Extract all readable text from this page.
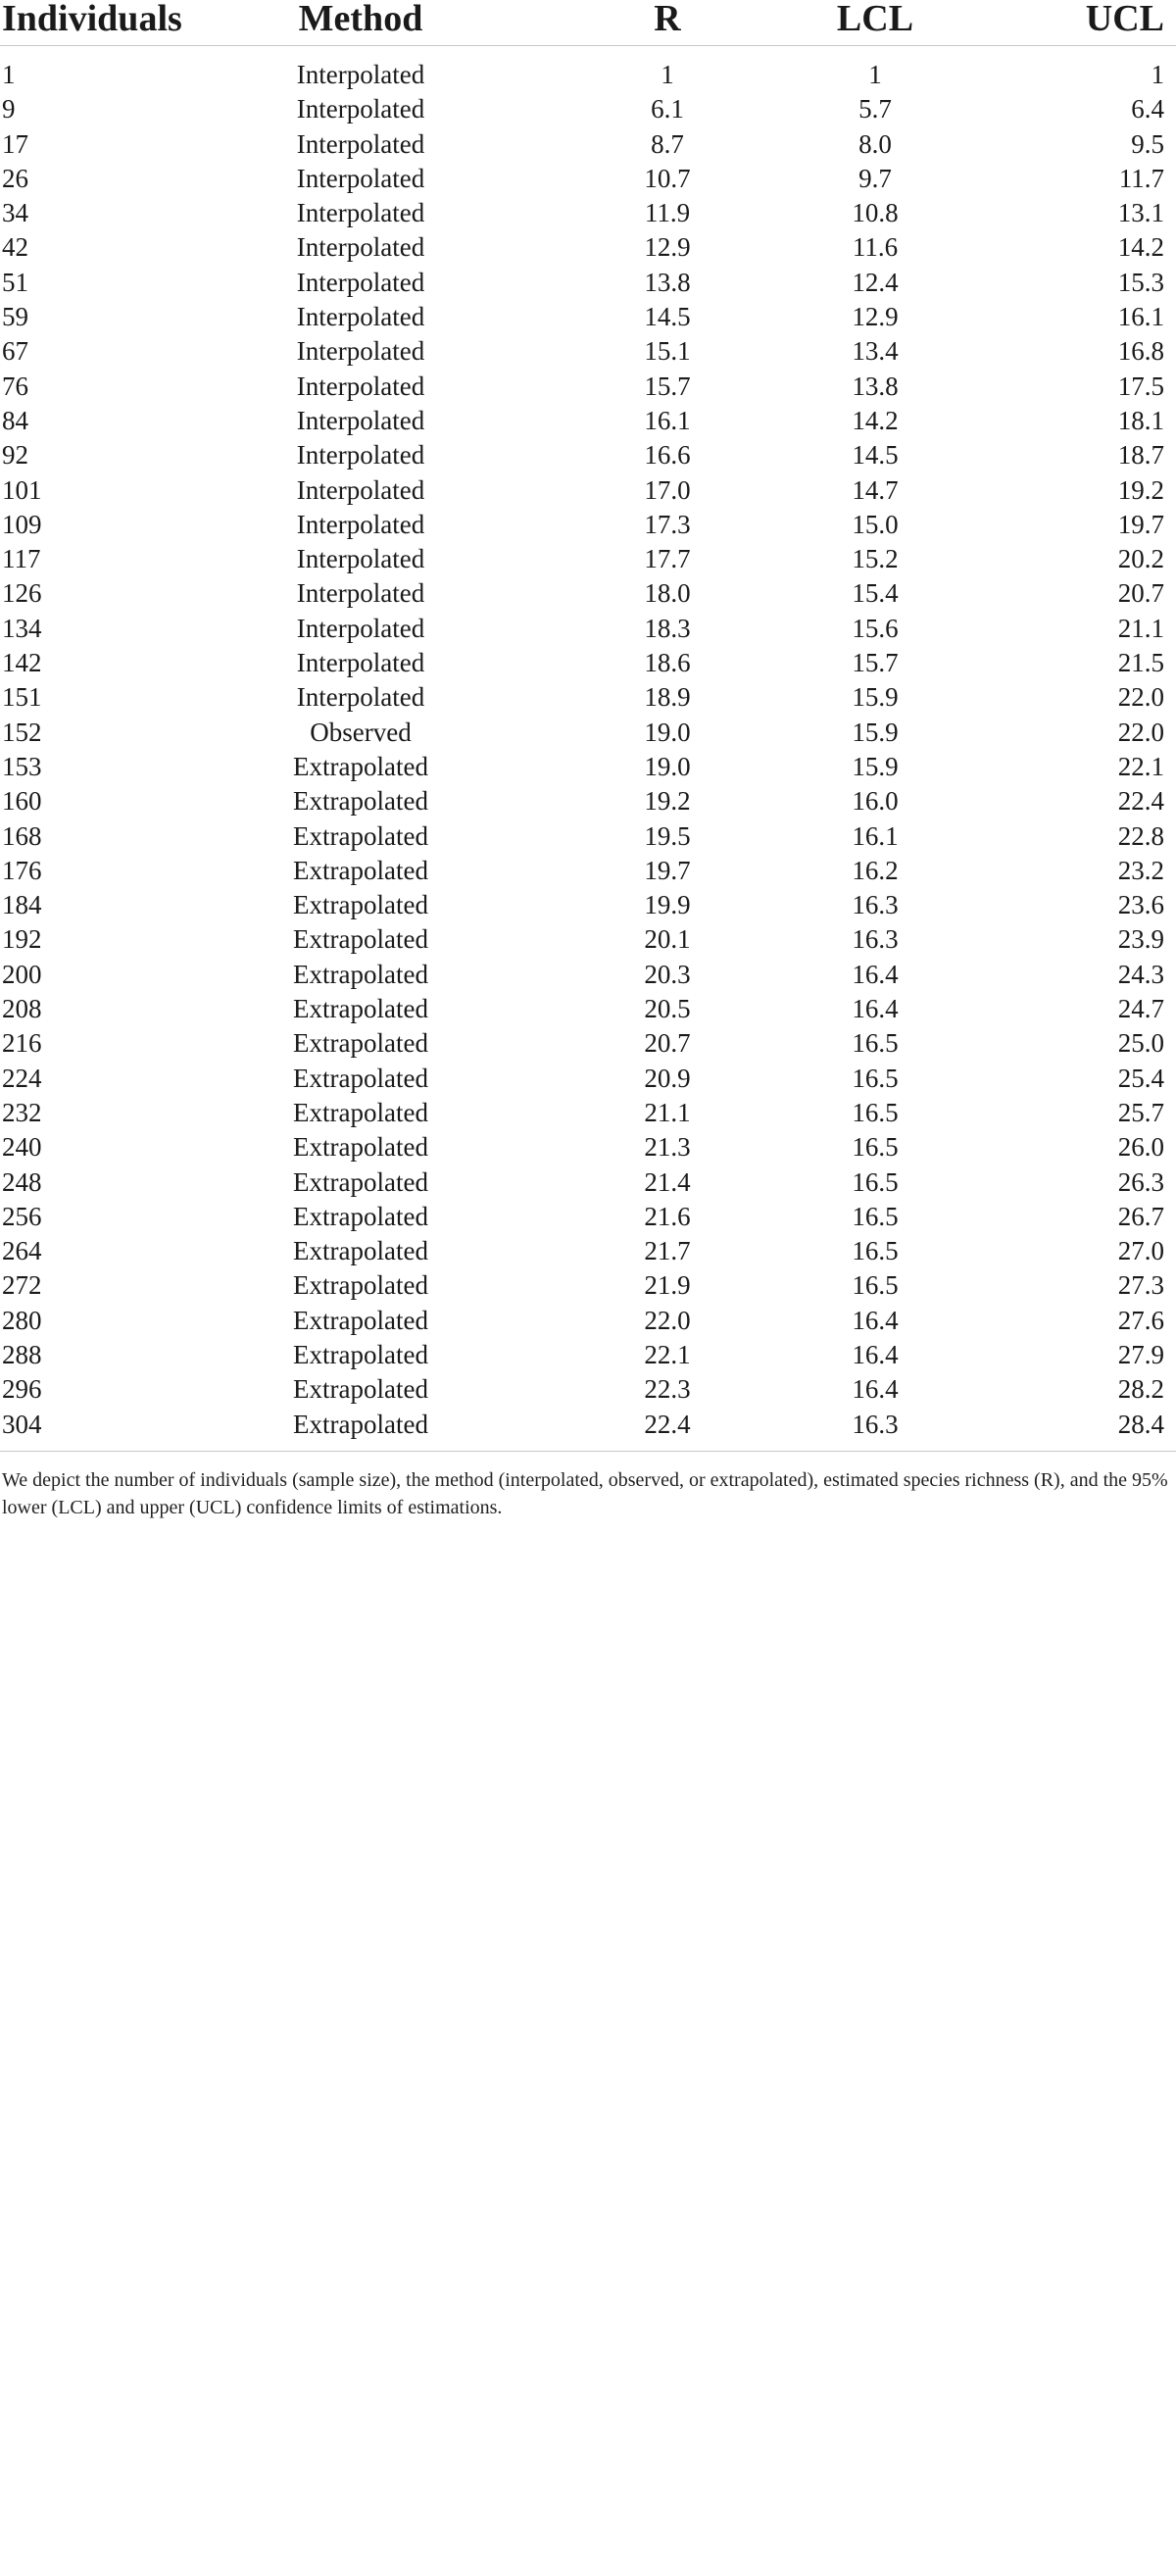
Individuals	Method	R	LCL	UCL
1	Interpolated	1	1	1
9	Interpolated	6.1	5.7	6.4
17	Interpolated	8.7	8.0	9.5
26	Interpolated	10.7	9.7	11.7
34	Interpolated	11.9	10.8	13.1
42	Interpolated	12.9	11.6	14.2
51	Interpolated	13.8	12.4	15.3
59	Interpolated	14.5	12.9	16.1
67	Interpolated	15.1	13.4	16.8
76	Interpolated	15.7	13.8	17.5
84	Interpolated	16.1	14.2	18.1
92	Interpolated	16.6	14.5	18.7
101	Interpolated	17.0	14.7	19.2
109	Interpolated	17.3	15.0	19.7
117	Interpolated	17.7	15.2	20.2
126	Interpolated	18.0	15.4	20.7
134	Interpolated	18.3	15.6	21.1
142	Interpolated	18.6	15.7	21.5
151	Interpolated	18.9	15.9	22.0
152	Observed	19.0	15.9	22.0
153	Extrapolated	19.0	15.9	22.1
160	Extrapolated	19.2	16.0	22.4
168	Extrapolated	19.5	16.1	22.8
176	Extrapolated	19.7	16.2	23.2
184	Extrapolated	19.9	16.3	23.6
192	Extrapolated	20.1	16.3	23.9
200	Extrapolated	20.3	16.4	24.3
208	Extrapolated	20.5	16.4	24.7
216	Extrapolated	20.7	16.5	25.0
224	Extrapolated	20.9	16.5	25.4
232	Extrapolated	21.1	16.5	25.7
240	Extrapolated	21.3	16.5	26.0
248	Extrapolated	21.4	16.5	26.3
256	Extrapolated	21.6	16.5	26.7
264	Extrapolated	21.7	16.5	27.0
272	Extrapolated	21.9	16.5	27.3
280	Extrapolated	22.0	16.4	27.6
288	Extrapolated	22.1	16.4	27.9
296	Extrapolated	22.3	16.4	28.2
304	Extrapolated	22.4	16.3	28.4
We depict the number of individuals (sample size), the method (interpolated, observed, or extrapolated), estimated species richness (R), and the 95% lower (LCL) and upper (UCL) confidence limits of estimations.
